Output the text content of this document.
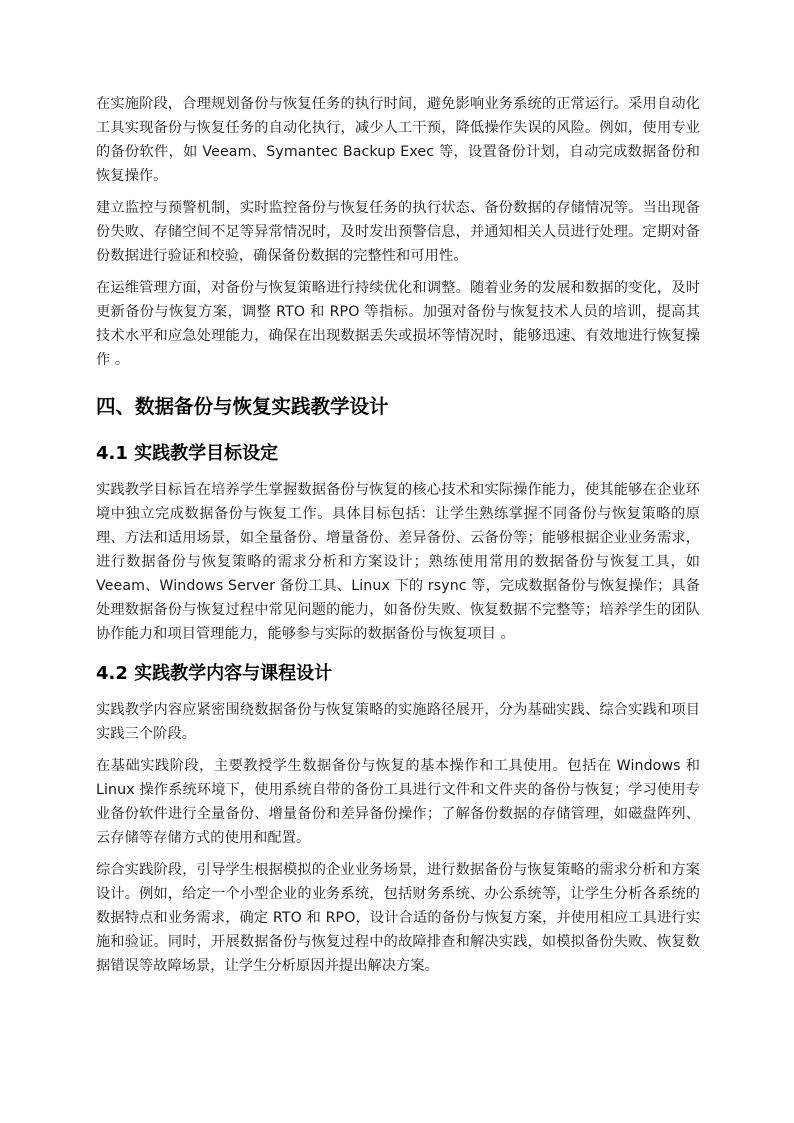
在实施阶段，合理规划备份与恢复任务的执行时间，避免影响业务系统的正常运行。采用自动化工具实现备份与恢复任务的自动化执行，减少人工干预，降低操作失误的风险。例如，使用专业的备份软件，如 Veeam、Symantec Backup Exec 等，设置备份计划，自动完成数据备份和恢复操作。

建立监控与预警机制，实时监控备份与恢复任务的执行状态、备份数据的存储情况等。当出现备份失败、存储空间不足等异常情况时，及时发出预警信息，并通知相关人员进行处理。定期对备份数据进行验证和校验，确保备份数据的完整性和可用性。

在运维管理方面，对备份与恢复策略进行持续优化和调整。随着业务的发展和数据的变化，及时更新备份与恢复方案，调整 RTO 和 RPO 等指标。加强对备份与恢复技术人员的培训，提高其技术水平和应急处理能力，确保在出现数据丢失或损坏等情况时，能够迅速、有效地进行恢复操作 。

四、数据备份与恢复实践教学设计
4.1 实践教学目标设定

实践教学目标旨在培养学生掌握数据备份与恢复的核心技术和实际操作能力，使其能够在企业环境中独立完成数据备份与恢复工作。具体目标包括：让学生熟练掌握不同备份与恢复策略的原理、方法和适用场景，如全量备份、增量备份、差异备份、云备份等；能够根据企业业务需求，进行数据备份与恢复策略的需求分析和方案设计；熟练使用常用的数据备份与恢复工具，如 Veeam、Windows Server 备份工具、Linux 下的 rsync 等，完成数据备份与恢复操作；具备处理数据备份与恢复过程中常见问题的能力，如备份失败、恢复数据不完整等；培养学生的团队协作能力和项目管理能力，能够参与实际的数据备份与恢复项目 。

4.2 实践教学内容与课程设计

实践教学内容应紧密围绕数据备份与恢复策略的实施路径展开，分为基础实践、综合实践和项目实践三个阶段。

在基础实践阶段，主要教授学生数据备份与恢复的基本操作和工具使用。包括在 Windows 和 Linux 操作系统环境下，使用系统自带的备份工具进行文件和文件夹的备份与恢复；学习使用专业备份软件进行全量备份、增量备份和差异备份操作；了解备份数据的存储管理，如磁盘阵列、云存储等存储方式的使用和配置。

综合实践阶段，引导学生根据模拟的企业业务场景，进行数据备份与恢复策略的需求分析和方案设计。例如，给定一个小型企业的业务系统，包括财务系统、办公系统等，让学生分析各系统的数据特点和业务需求，确定 RTO 和 RPO，设计合适的备份与恢复方案，并使用相应工具进行实施和验证。同时，开展数据备份与恢复过程中的故障排查和解决实践，如模拟备份失败、恢复数据错误等故障场景，让学生分析原因并提出解决方案。
